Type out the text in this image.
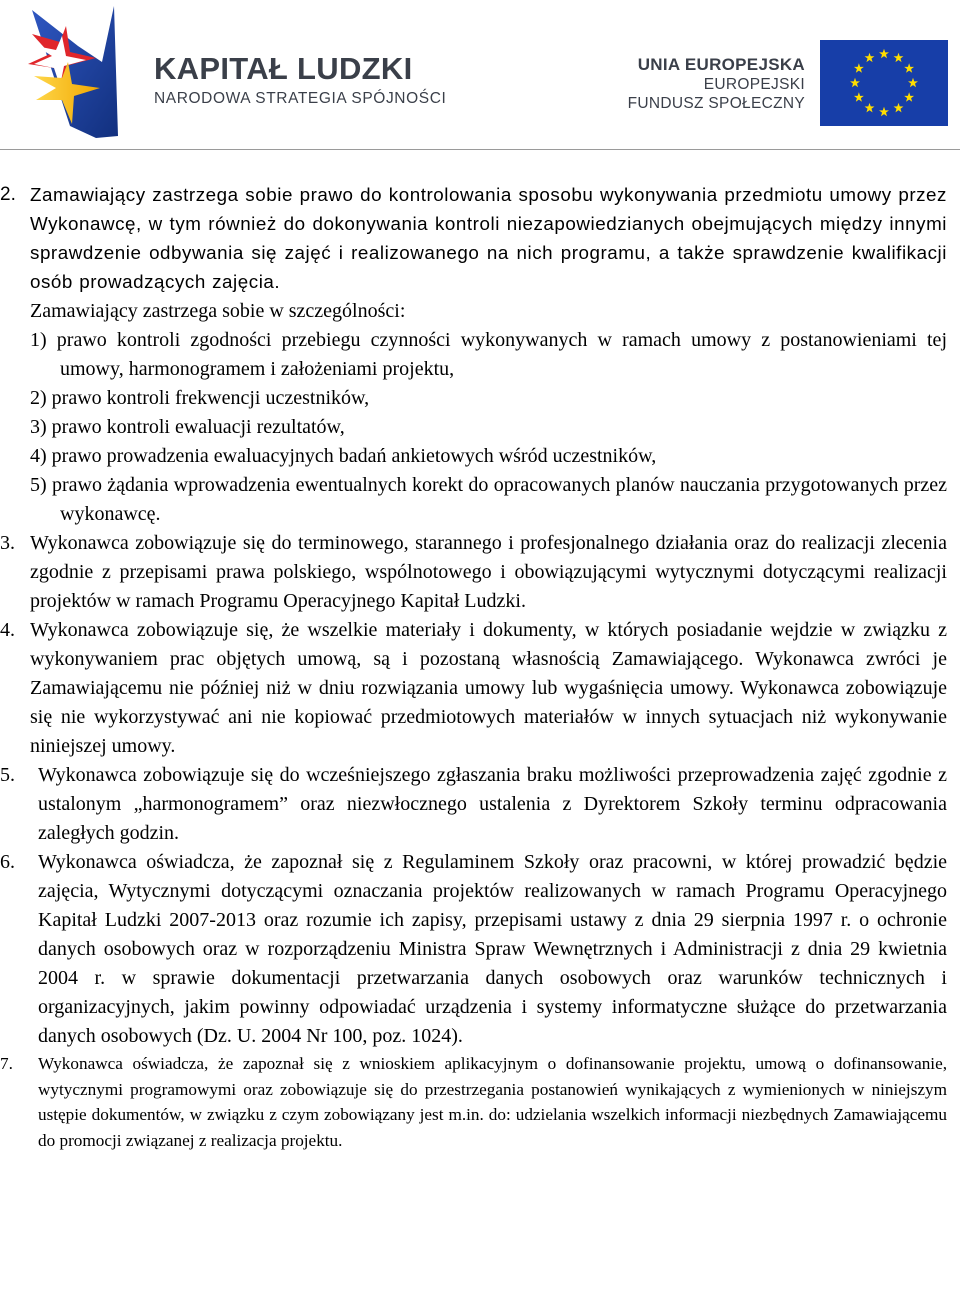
KAPITAŁ LUDZKI
NARODOWA STRATEGIA SPÓJNOŚCI
UNIA EUROPEJSKA
EUROPEJSKI
FUNDUSZ SPOŁECZNY
2. Zamawiający zastrzega sobie prawo do kontrolowania sposobu wykonywania przedmiotu umowy przez Wykonawcę, w tym również do dokonywania kontroli niezapowiedzianych obejmujących między innymi sprawdzenie odbywania się zajęć i realizowanego na nich programu, a także sprawdzenie kwalifikacji osób prowadzących zajęcia.

Zamawiający zastrzega sobie w szczególności:
1) prawo kontroli zgodności przebiegu czynności wykonywanych w ramach umowy z postanowieniami tej umowy, harmonogramem i założeniami projektu,
2) prawo kontroli frekwencji uczestników,
3) prawo kontroli ewaluacji rezultatów,
4) prawo prowadzenia ewaluacyjnych badań ankietowych wśród uczestników,
5) prawo żądania wprowadzenia ewentualnych korekt do opracowanych planów nauczania przygotowanych przez wykonawcę.
3. Wykonawca zobowiązuje się do terminowego, starannego i profesjonalnego działania oraz do realizacji zlecenia zgodnie z przepisami prawa polskiego, wspólnotowego i obowiązującymi wytycznymi dotyczącymi realizacji projektów w ramach Programu Operacyjnego Kapitał Ludzki.

4. Wykonawca zobowiązuje się, że wszelkie materiały i dokumenty, w których posiadanie wejdzie w związku z wykonywaniem prac objętych umową, są i pozostaną własnością Zamawiającego. Wykonawca zwróci je Zamawiającemu nie później niż w dniu rozwiązania umowy lub wygaśnięcia umowy. Wykonawca zobowiązuje się nie wykorzystywać ani nie kopiować przedmiotowych materiałów w innych sytuacjach niż wykonywanie niniejszej umowy.

5. Wykonawca zobowiązuje się do wcześniejszego zgłaszania braku możliwości przeprowadzenia zajęć zgodnie z ustalonym „harmonogramem” oraz niezwłocznego ustalenia z Dyrektorem Szkoły terminu odpracowania zaległych godzin.

6. Wykonawca oświadcza, że zapoznał się z Regulaminem Szkoły oraz pracowni, w której prowadzić będzie zajęcia, Wytycznymi dotyczącymi oznaczania projektów realizowanych w ramach Programu Operacyjnego Kapitał Ludzki 2007-2013 oraz rozumie ich zapisy, przepisami ustawy z dnia 29 sierpnia 1997 r. o ochronie danych osobowych oraz w rozporządzeniu Ministra Spraw Wewnętrznych i Administracji z dnia 29 kwietnia 2004 r. w sprawie dokumentacji przetwarzania danych osobowych oraz warunków technicznych i organizacyjnych, jakim powinny odpowiadać urządzenia i systemy informatyczne służące do przetwarzania danych osobowych (Dz. U. 2004 Nr 100, poz. 1024).

7. Wykonawca oświadcza, że zapoznał się z wnioskiem aplikacyjnym o dofinansowanie projektu, umową o dofinansowanie, wytycznymi programowymi oraz zobowiązuje się do przestrzegania postanowień wynikających z wymienionych w niniejszym ustępie dokumentów, w związku z czym zobowiązany jest m.in. do: udzielania wszelkich informacji niezbędnych Zamawiającemu do promocji związanej z realizacja projektu.
